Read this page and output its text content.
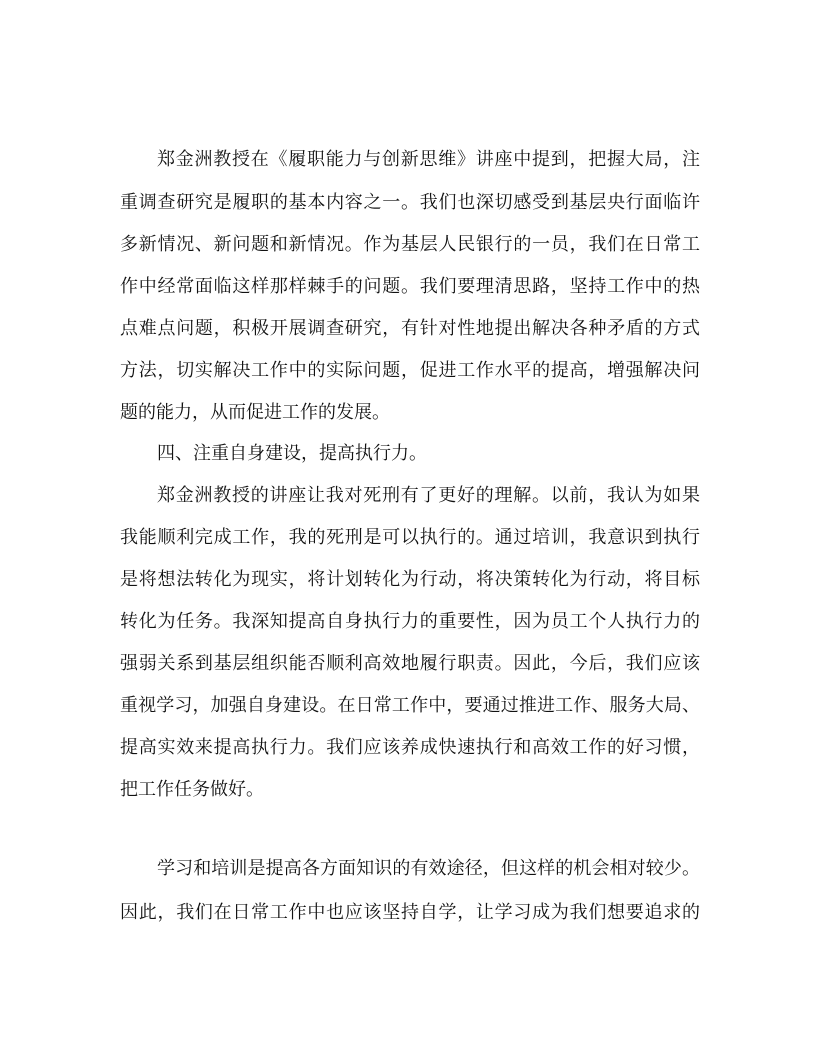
郑金洲教授在《履职能力与创新思维》讲座中提到，把握大局，注
重调查研究是履职的基本内容之一。我们也深切感受到基层央行面临许
多新情况、新问题和新情况。作为基层人民银行的一员，我们在日常工
作中经常面临这样那样棘手的问题。我们要理清思路，坚持工作中的热
点难点问题，积极开展调查研究，有针对性地提出解决各种矛盾的方式
方法，切实解决工作中的实际问题，促进工作水平的提高，增强解决问
题的能力，从而促进工作的发展。
四、注重自身建设，提高执行力。
郑金洲教授的讲座让我对死刑有了更好的理解。以前，我认为如果
我能顺利完成工作，我的死刑是可以执行的。通过培训，我意识到执行
是将想法转化为现实，将计划转化为行动，将决策转化为行动，将目标
转化为任务。我深知提高自身执行力的重要性，因为员工个人执行力的
强弱关系到基层组织能否顺利高效地履行职责。因此，今后，我们应该
重视学习，加强自身建设。在日常工作中，要通过推进工作、服务大局、
提高实效来提高执行力。我们应该养成快速执行和高效工作的好习惯，
把工作任务做好。
学习和培训是提高各方面知识的有效途径，但这样的机会相对较少。
因此，我们在日常工作中也应该坚持自学，让学习成为我们想要追求的
